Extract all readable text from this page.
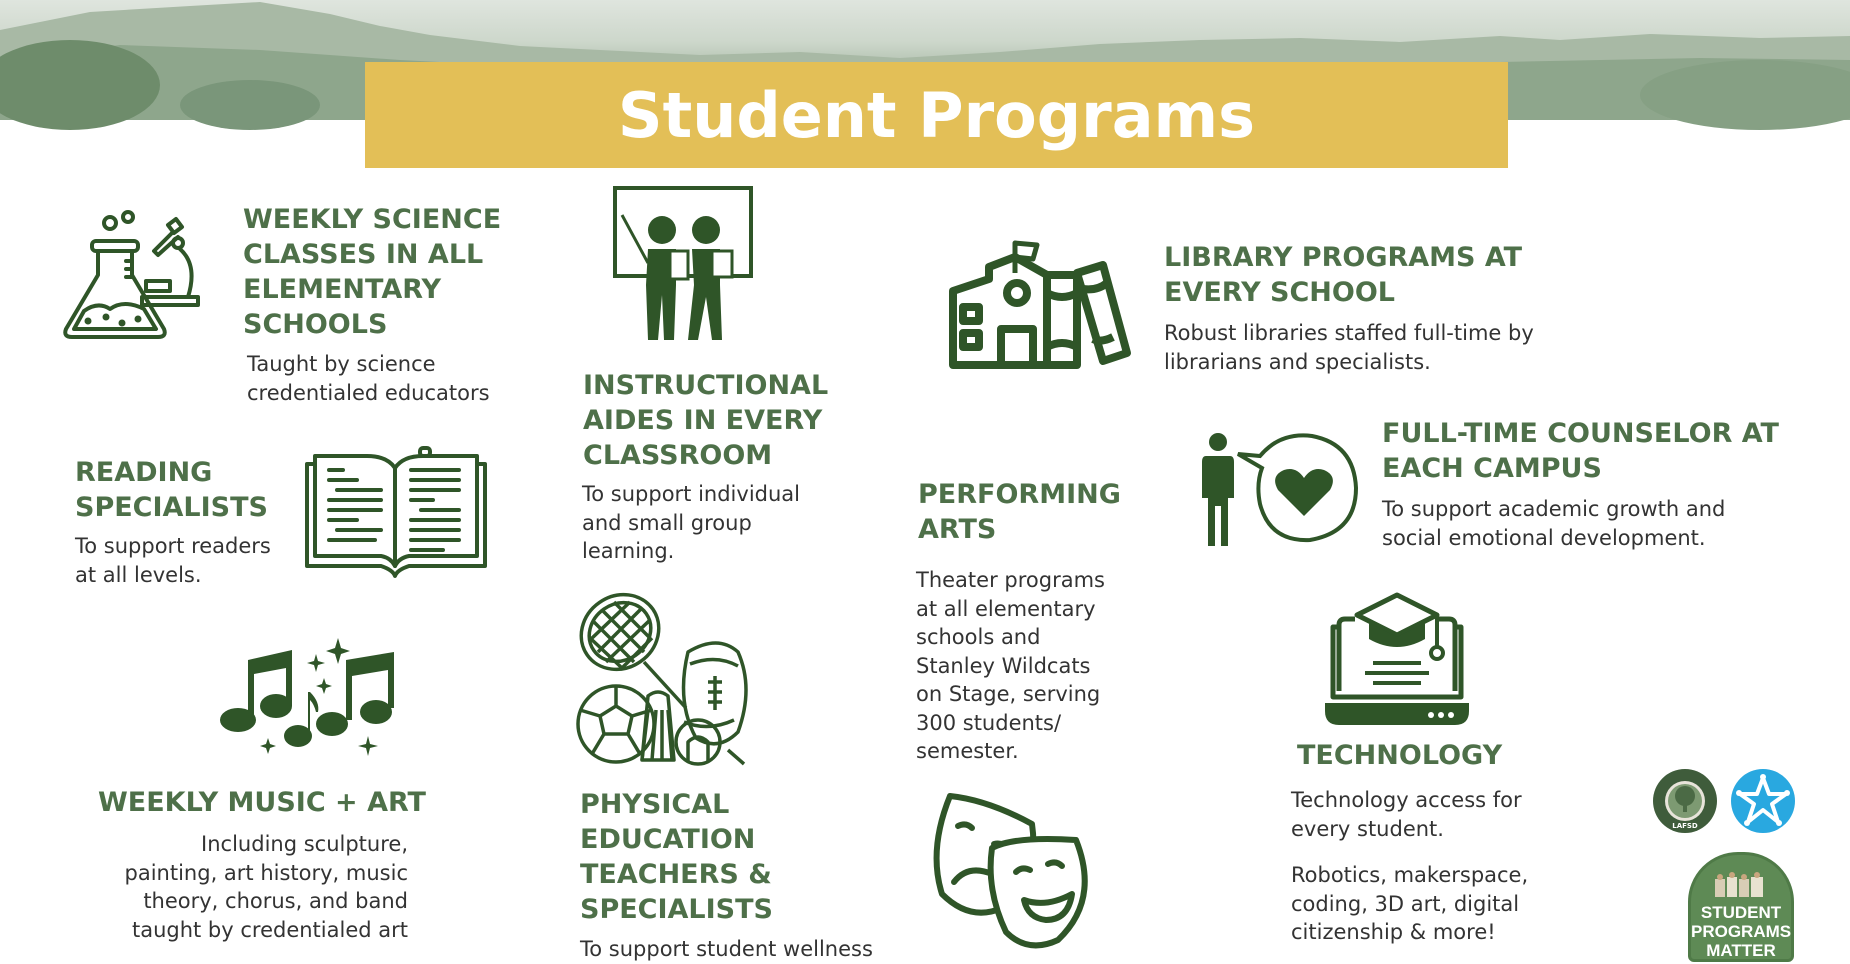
Student Programs
WEEKLY SCIENCE
CLASSES IN ALL
ELEMENTARY
SCHOOLS
Taught by science
credentialed educators	INSTRUCTIONAL
AIDES IN EVERY
CLASSROOM
To support individual
and small group
learning.
LIBRARY PROGRAMS AT
EVERY SCHOOL
Robust libraries staffed full-time by
librarians and specialists.
READING
SPECIALISTS
To support readers
at all levels.
PERFORMING
ARTS
Theater programs
at all elementary
schools and
Stanley Wildcats
on Stage, serving
300 students/
semester.
FULL-TIME COUNSELOR AT
EACH CAMPUS
To support academic growth and
social emotional development.
WEEKLY MUSIC + ART
Including sculpture,
painting, art history, music
theory, chorus, and band
taught by credentialed art
PHYSICAL
EDUCATION
TEACHERS &
SPECIALISTS
To support student wellness
TECHNOLOGY
Technology access for
every student.
Robotics, makerspace,
coding, 3D art, digital
citizenship & more!
LAFSD
STUDENT
PROGRAMS
MATTER
